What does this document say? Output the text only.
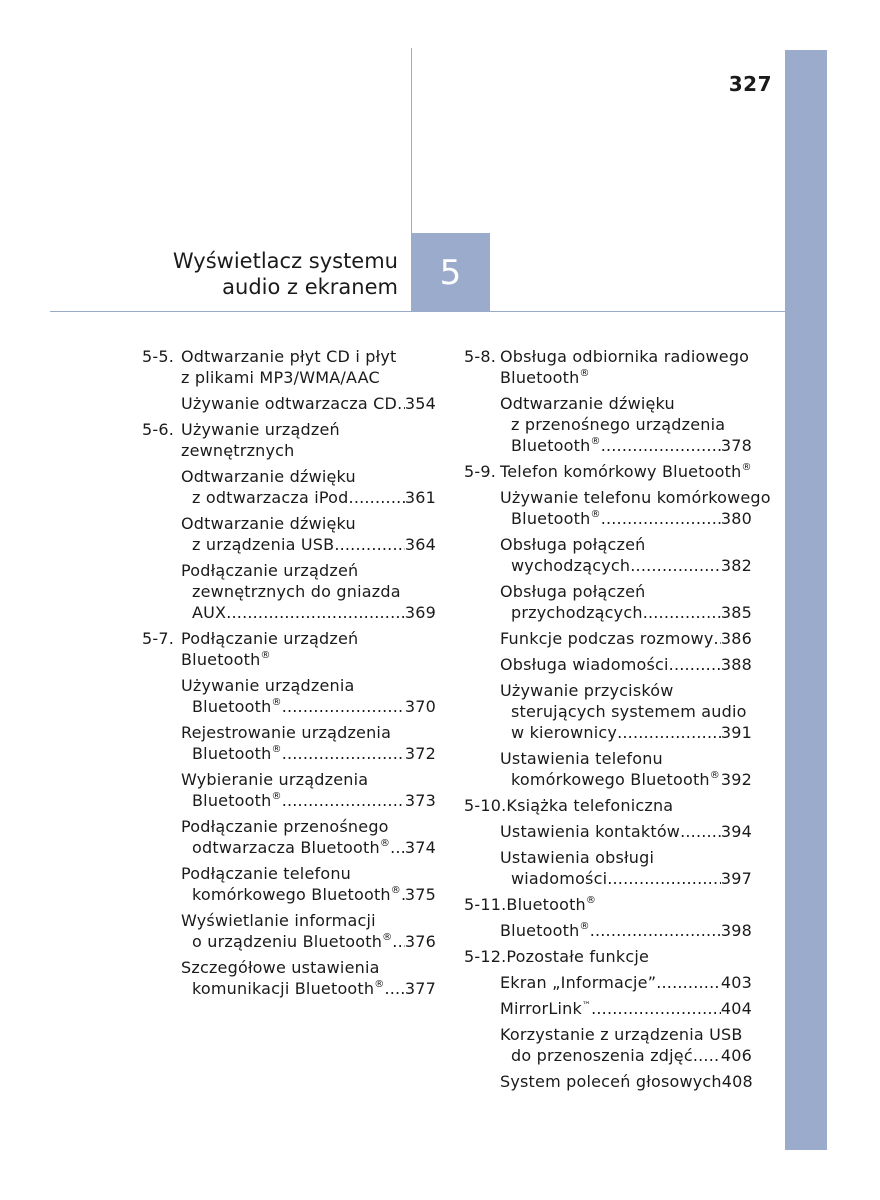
327
Wyświetlacz systemu
audio z ekranem 5
5-5. Odtwarzanie płyt CD i płyt
z plikami MP3/WMA/AAC
Używanie odtwarzacza CD ..... 354
5-6. Używanie urządzeń
zewnętrznych
Odtwarzanie dźwięku
z odtwarzacza iPod .....	361
Odtwarzanie dźwięku
z urządzenia USB .....	364
Podłączanie urządzeń
zewnętrznych do gniazda
AUX .....	369
5-7. Podłączanie urządzeń
Bluetooth®
Używanie urządzenia
Bluetooth® .....	370
Rejestrowanie urządzenia
Bluetooth® .....	372
Wybieranie urządzenia
Bluetooth® .....	373
Podłączanie przenośnego
odtwarzacza Bluetooth® ..... 374
Podłączanie telefonu
komórkowego Bluetooth® ..... 375
Wyświetlanie informacji
o urządzeniu Bluetooth® ..... 376
Szczegółowe ustawienia
komunikacji Bluetooth® ..... 377
5-8. Obsługa odbiornika radiowego
Bluetooth®
Odtwarzanie dźwięku
z przenośnego urządzenia
Bluetooth® .....	378
5-9. Telefon komórkowy Bluetooth®
Używanie telefonu komórkowego
Bluetooth® .....	380
Obsługa połączeń
wychodzących .....	382
Obsługa połączeń
przychodzących .....	385
Funkcje podczas rozmowy ..... 386
Obsługa wiadomości .....	388
Używanie przycisków
sterujących systemem audio
w kierownicy .....	391
Ustawienia telefonu
komórkowego Bluetooth® ..... 392
5-10. Książka telefoniczna
Ustawienia kontaktów .....	394
Ustawienia obsługi
wiadomości .....	397
5-11. Bluetooth®
Bluetooth® .....	398
5-12. Pozostałe funkcje
Ekran „Informacje” .....	403
MirrorLink™ .....	404
Korzystanie z urządzenia USB
do przenoszenia zdjęć ..... 406
System poleceń głosowych 408
